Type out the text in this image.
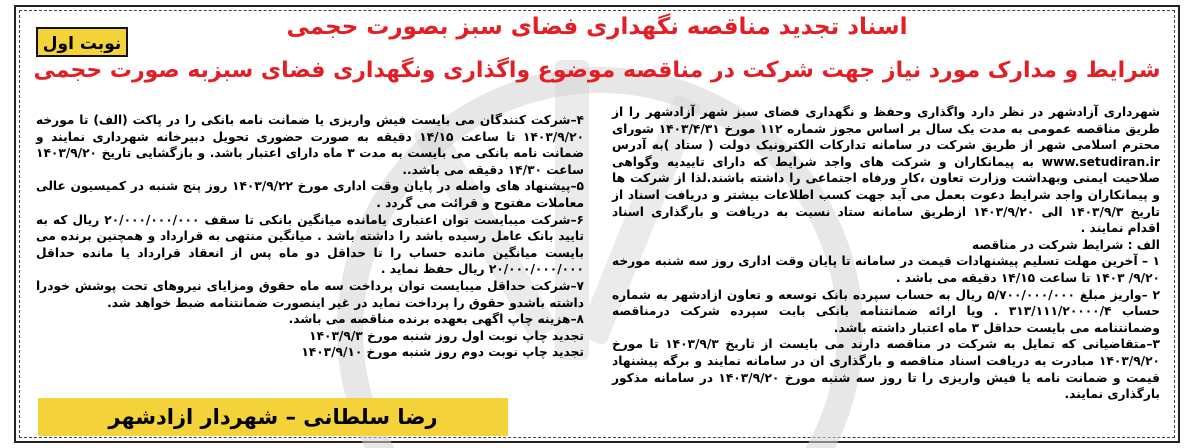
نوبت اول
اسناد تجدید مناقصه نگهداری فضای سبز بصورت حجمی
شرایط و مدارک مورد نیاز جهت شرکت در مناقصه موضوع واگذاری ونگهداری فضای سبزبه صورت حجمی

شهرداری آزادشهر در نظر دارد واگذاری وحفظ و نگهداری فضای سبز شهر آزادشهر را از طریق مناقصه عمومی به مدت یک سال بر اساس مجوز شماره ۱۱۲ مورخ ۱۴۰۳/۴/۳۱ شورای محترم اسلامی شهر از طریق شرکت در سامانه تدارکات الکترونیک دولت ( ستاد )به آدرس www.setudiran.ir به پیمانکاران و شرکت های واجد شرایط که دارای تاییدیه وگواهی صلاحیت ایمنی وبهداشت وزارت تعاون ،کار ورفاه اجتماعی را داشته باشند.لذا از شرکت ها و پیمانکاران واجد شرایط دعوت بعمل می آید جهت کسب اطلاعات بیشتر و دریافت اسناد از تاریخ ۱۴۰۳/۹/۳ الی ۱۴۰۳/۹/۲۰ ازطریق سامانه ستاد نسبت به دریافت و بارگذاری اسناد اقدام نمایند .

الف : شرایط شرکت در مناقصه

۱ – آخرین مهلت تسلیم پیشنهادات قیمت در سامانه تا پایان وقت اداری روز سه شنبه مورخه ۹/۲۰/ ۱۴۰۳ تا ساعت ۱۴/۱۵ دقیقه می باشد .

۲ –واریز مبلغ ۵/۷۰۰/۰۰۰/۰۰۰ ریال به حساب سپرده بانک توسعه و تعاون ازادشهر به شماره حساب ۳۱۳/۱۱۱/۲۰۰۰۰/۴ . ویا ارائه ضمانتنامه بانکی بابت سپرده شرکت درمناقصه وضمانتنامه می بایست حداقل ۳ ماه اعتبار داشته باشد.

۳–متقاضیانی که تمایل به شرکت در مناقصه دارند می بایست از تاریخ ۱۴۰۳/۹/۳ تا مورخ ۱۴۰۳/۹/۲۰ مبادرت به دریافت اسناد مناقصه و بارگذاری ان در سامانه نمایند و برگه پیشنهاد قیمت و ضمانت نامه یا فیش واریزی را تا روز سه شنبه مورخ ۱۴۰۳/۹/۲۰ در سامانه مذکور بارگذاری نمایند.

۴–شرکت کنندگان می بایست فیش واریزی یا ضمانت نامه بانکی را در پاکت (الف) تا مورخه ۱۴۰۳/۹/۲۰ تا ساعت ۱۴/۱۵ دقیقه به صورت حضوری تحویل دبیرخانه شهرداری نمایند و ضمانت نامه بانکی می بایست به مدت ۳ ماه دارای اعتبار باشد. و بازگشایی تاریخ ۱۴۰۳/۹/۲۰ ساعت ۱۴/۳۰ دقیقه می باشد..

۵–پیشنهاد های واصله در پایان وقت اداری مورخ ۱۴۰۳/۹/۲۲ روز پنج شنبه در کمیسیون عالی معاملات مفتوح و قرائت می گردد .

۶–شرکت میبایست توان اعتباری یامانده میانگین بانکی تا سقف ۲۰/۰۰۰/۰۰۰/۰۰۰ ریال که به تایید بانک عامل رسیده باشد را داشته باشد . میانگین منتهی به قرارداد و همچنین برنده می بایست میانگین مانده حساب را تا حداقل دو ماه پس از انعقاد قرارداد یا مانده حداقل ۲۰/۰۰۰/۰۰۰/۰۰۰ ریال حفظ نماید .

۷–شرکت حداقل میبایست توان پرداخت سه ماه حقوق ومزایای نیروهای تحت پوشش خودرا داشته باشدو حقوق را پرداخت نماید در غیر اینصورت ضمانتنامه ضبط خواهد شد.

۸–هزینه چاپ اگهی بعهده برنده مناقصه می باشد.

تجدید چاپ نوبت اول روز شنبه مورخ ۱۴۰۳/۹/۳

تجدید چاپ نوبت دوم روز شنبه مورخ ۱۴۰۳/۹/۱۰

رضا سلطانی – شهردار ازادشهر
